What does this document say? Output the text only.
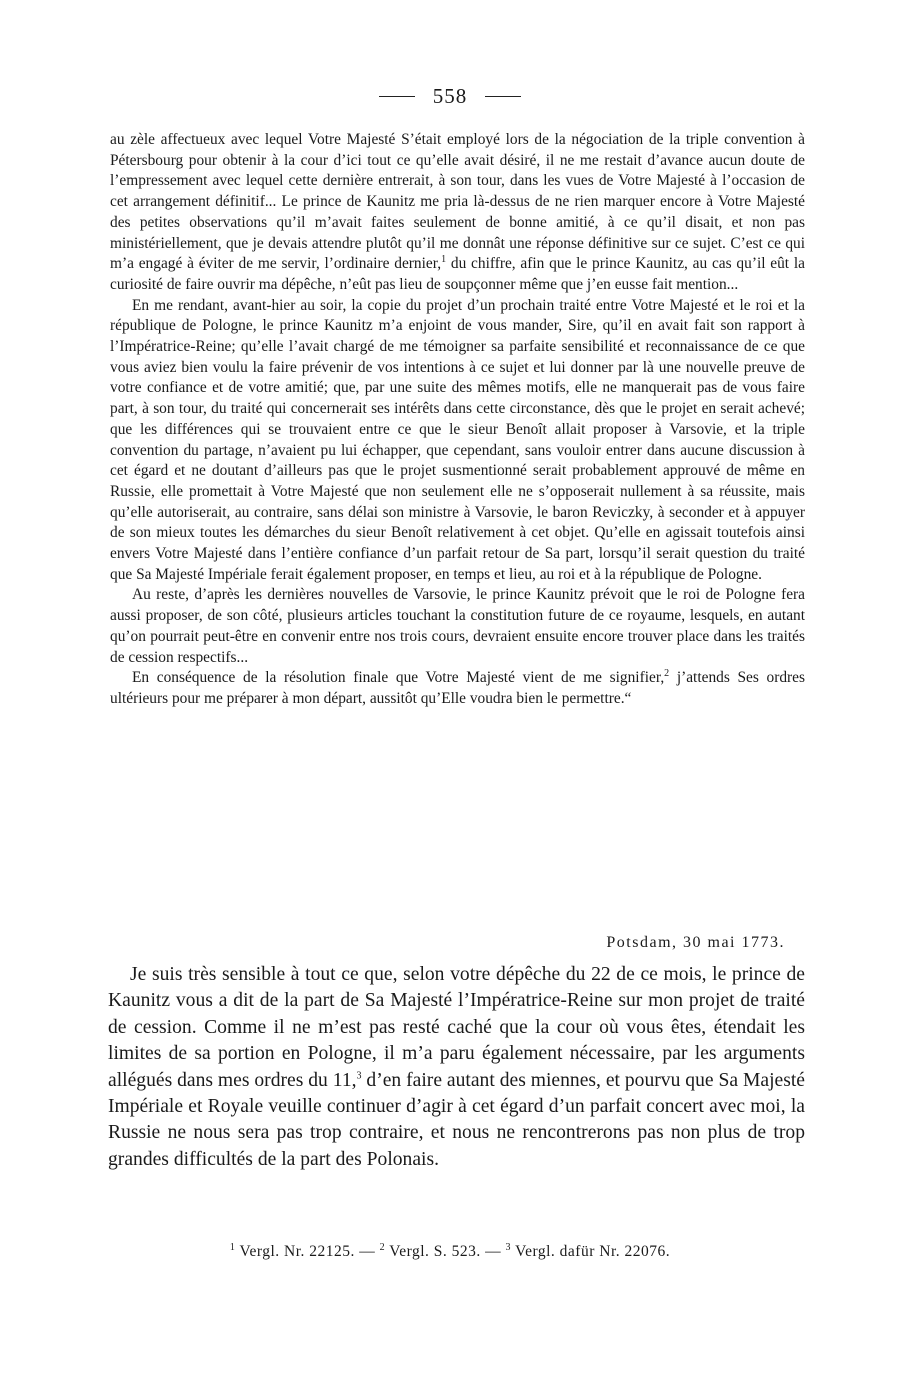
558

au zèle affectueux avec lequel Votre Majesté S’était employé lors de la négociation de la triple convention à Pétersbourg pour obtenir à la cour d’ici tout ce qu’elle avait désiré, il ne me restait d’avance aucun doute de l’empressement avec lequel cette dernière entrerait, à son tour, dans les vues de Votre Majesté à l’occasion de cet arrangement définitif... Le prince de Kaunitz me pria là-dessus de ne rien marquer encore à Votre Majesté des petites observations qu’il m’avait faites seulement de bonne amitié, à ce qu’il disait, et non pas ministériellement, que je devais attendre plutôt qu’il me donnât une réponse définitive sur ce sujet. C’est ce qui m’a engagé à éviter de me servir, l’ordinaire dernier,$^1$ du chiffre, afin que le prince Kaunitz, au cas qu’il eût la curiosité de faire ouvrir ma dépêche, n’eût pas lieu de soupçonner même que j’en eusse fait mention...

En me rendant, avant-hier au soir, la copie du projet d’un prochain traité entre Votre Majesté et le roi et la république de Pologne, le prince Kaunitz m’a enjoint de vous mander, Sire, qu’il en avait fait son rapport à l’Impératrice-Reine; qu’elle l’avait chargé de me témoigner sa parfaite sensibilité et reconnaissance de ce que vous aviez bien voulu la faire prévenir de vos intentions à ce sujet et lui donner par là une nouvelle preuve de votre confiance et de votre amitié; que, par une suite des mêmes motifs, elle ne manquerait pas de vous faire part, à son tour, du traité qui concernerait ses intérêts dans cette circonstance, dès que le projet en serait achevé; que les différences qui se trouvaient entre ce que le sieur Benoît allait proposer à Varsovie, et la triple convention du partage, n’avaient pu lui échapper, que cependant, sans vouloir entrer dans aucune discussion à cet égard et ne doutant d’ailleurs pas que le projet susmentionné serait probablement approuvé de même en Russie, elle promettait à Votre Majesté que non seulement elle ne s’opposerait nullement à sa réussite, mais qu’elle autoriserait, au contraire, sans délai son ministre à Varsovie, le baron Reviczky, à seconder et à appuyer de son mieux toutes les démarches du sieur Benoît relativement à cet objet. Qu’elle en agissait toutefois ainsi envers Votre Majesté dans l’entière confiance d’un parfait retour de Sa part, lorsqu’il serait question du traité que Sa Majesté Impériale ferait également proposer, en temps et lieu, au roi et à la république de Pologne.

Au reste, d’après les dernières nouvelles de Varsovie, le prince Kaunitz prévoit que le roi de Pologne fera aussi proposer, de son côté, plusieurs articles touchant la constitution future de ce royaume, lesquels, en autant qu’on pourrait peut-être en convenir entre nos trois cours, devraient ensuite encore trouver place dans les traités de cession respectifs...

En conséquence de la résolution finale que Votre Majesté vient de me signifier,$^2$ j’attends Ses ordres ultérieurs pour me préparer à mon départ, aussitôt qu’Elle voudra bien le permettre.“

Potsdam, 30 mai 1773.

Je suis très sensible à tout ce que, selon votre dépêche du 22 de ce mois, le prince de Kaunitz vous a dit de la part de Sa Majesté l’Impératrice-Reine sur mon projet de traité de cession. Comme il ne m’est pas resté caché que la cour où vous êtes, étendait les limites de sa portion en Pologne, il m’a paru également nécessaire, par les arguments allégués dans mes ordres du 11,$^3$ d’en faire autant des miennes, et pourvu que Sa Majesté Impériale et Royale veuille continuer d’agir à cet égard d’un parfait concert avec moi, la Russie ne nous sera pas trop contraire, et nous ne rencontrerons pas non plus de trop grandes difficultés de la part des Polonais.

$^1$ Vergl. Nr. 22125. — $^2$ Vergl. S. 523. — $^3$ Vergl. dafür Nr. 22076.
